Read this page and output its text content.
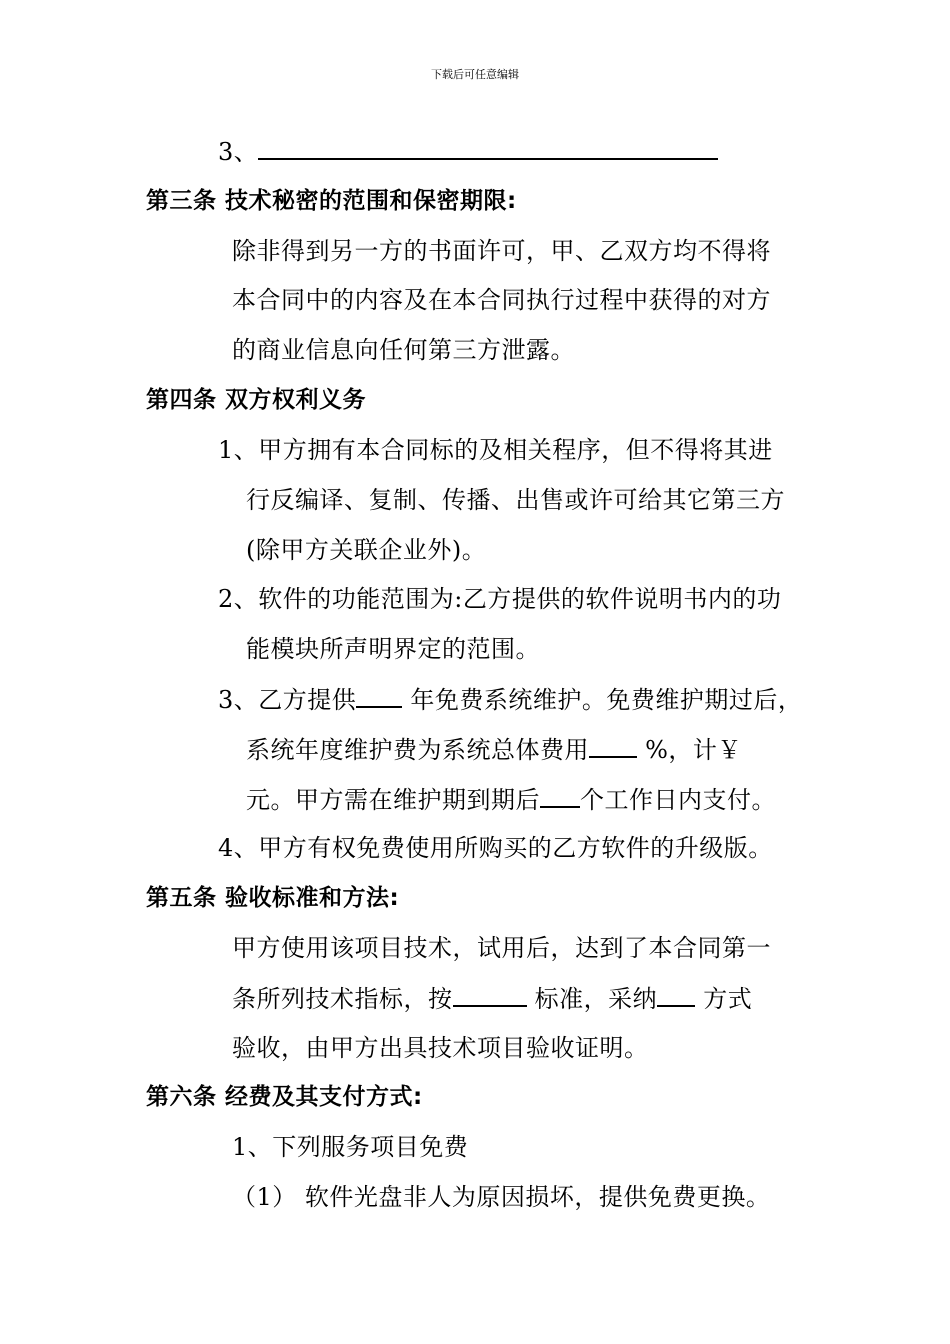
下载后可任意编辑
3、
第三条 技术秘密的范围和保密期限:
除非得到另一方的书面许可，甲、乙双方均不得将
本合同中的内容及在本合同执行过程中获得的对方
的商业信息向任何第三方泄露。
第四条 双方权利义务
1、甲方拥有本合同标的及相关程序，但不得将其进
行反编译、复制、传播、出售或许可给其它第三方
(除甲方关联企业外)。
2、软件的功能范围为:乙方提供的软件说明书内的功
能模块所声明界定的范围。
3、乙方提供 年免费系统维护。免费维护期过后，
系统年度维护费为系统总体费用 %，计￥
元。甲方需在维护期到期后 个工作日内支付。
4、甲方有权免费使用所购买的乙方软件的升级版。
第五条 验收标准和方法:
甲方使用该项目技术，试用后，达到了本合同第一
条所列技术指标，按	标准，采纳 方式
验收，由甲方出具技术项目验收证明。
第六条 经费及其支付方式:
1、下列服务项目免费
（1） 软件光盘非人为原因损坏，提供免费更换。
